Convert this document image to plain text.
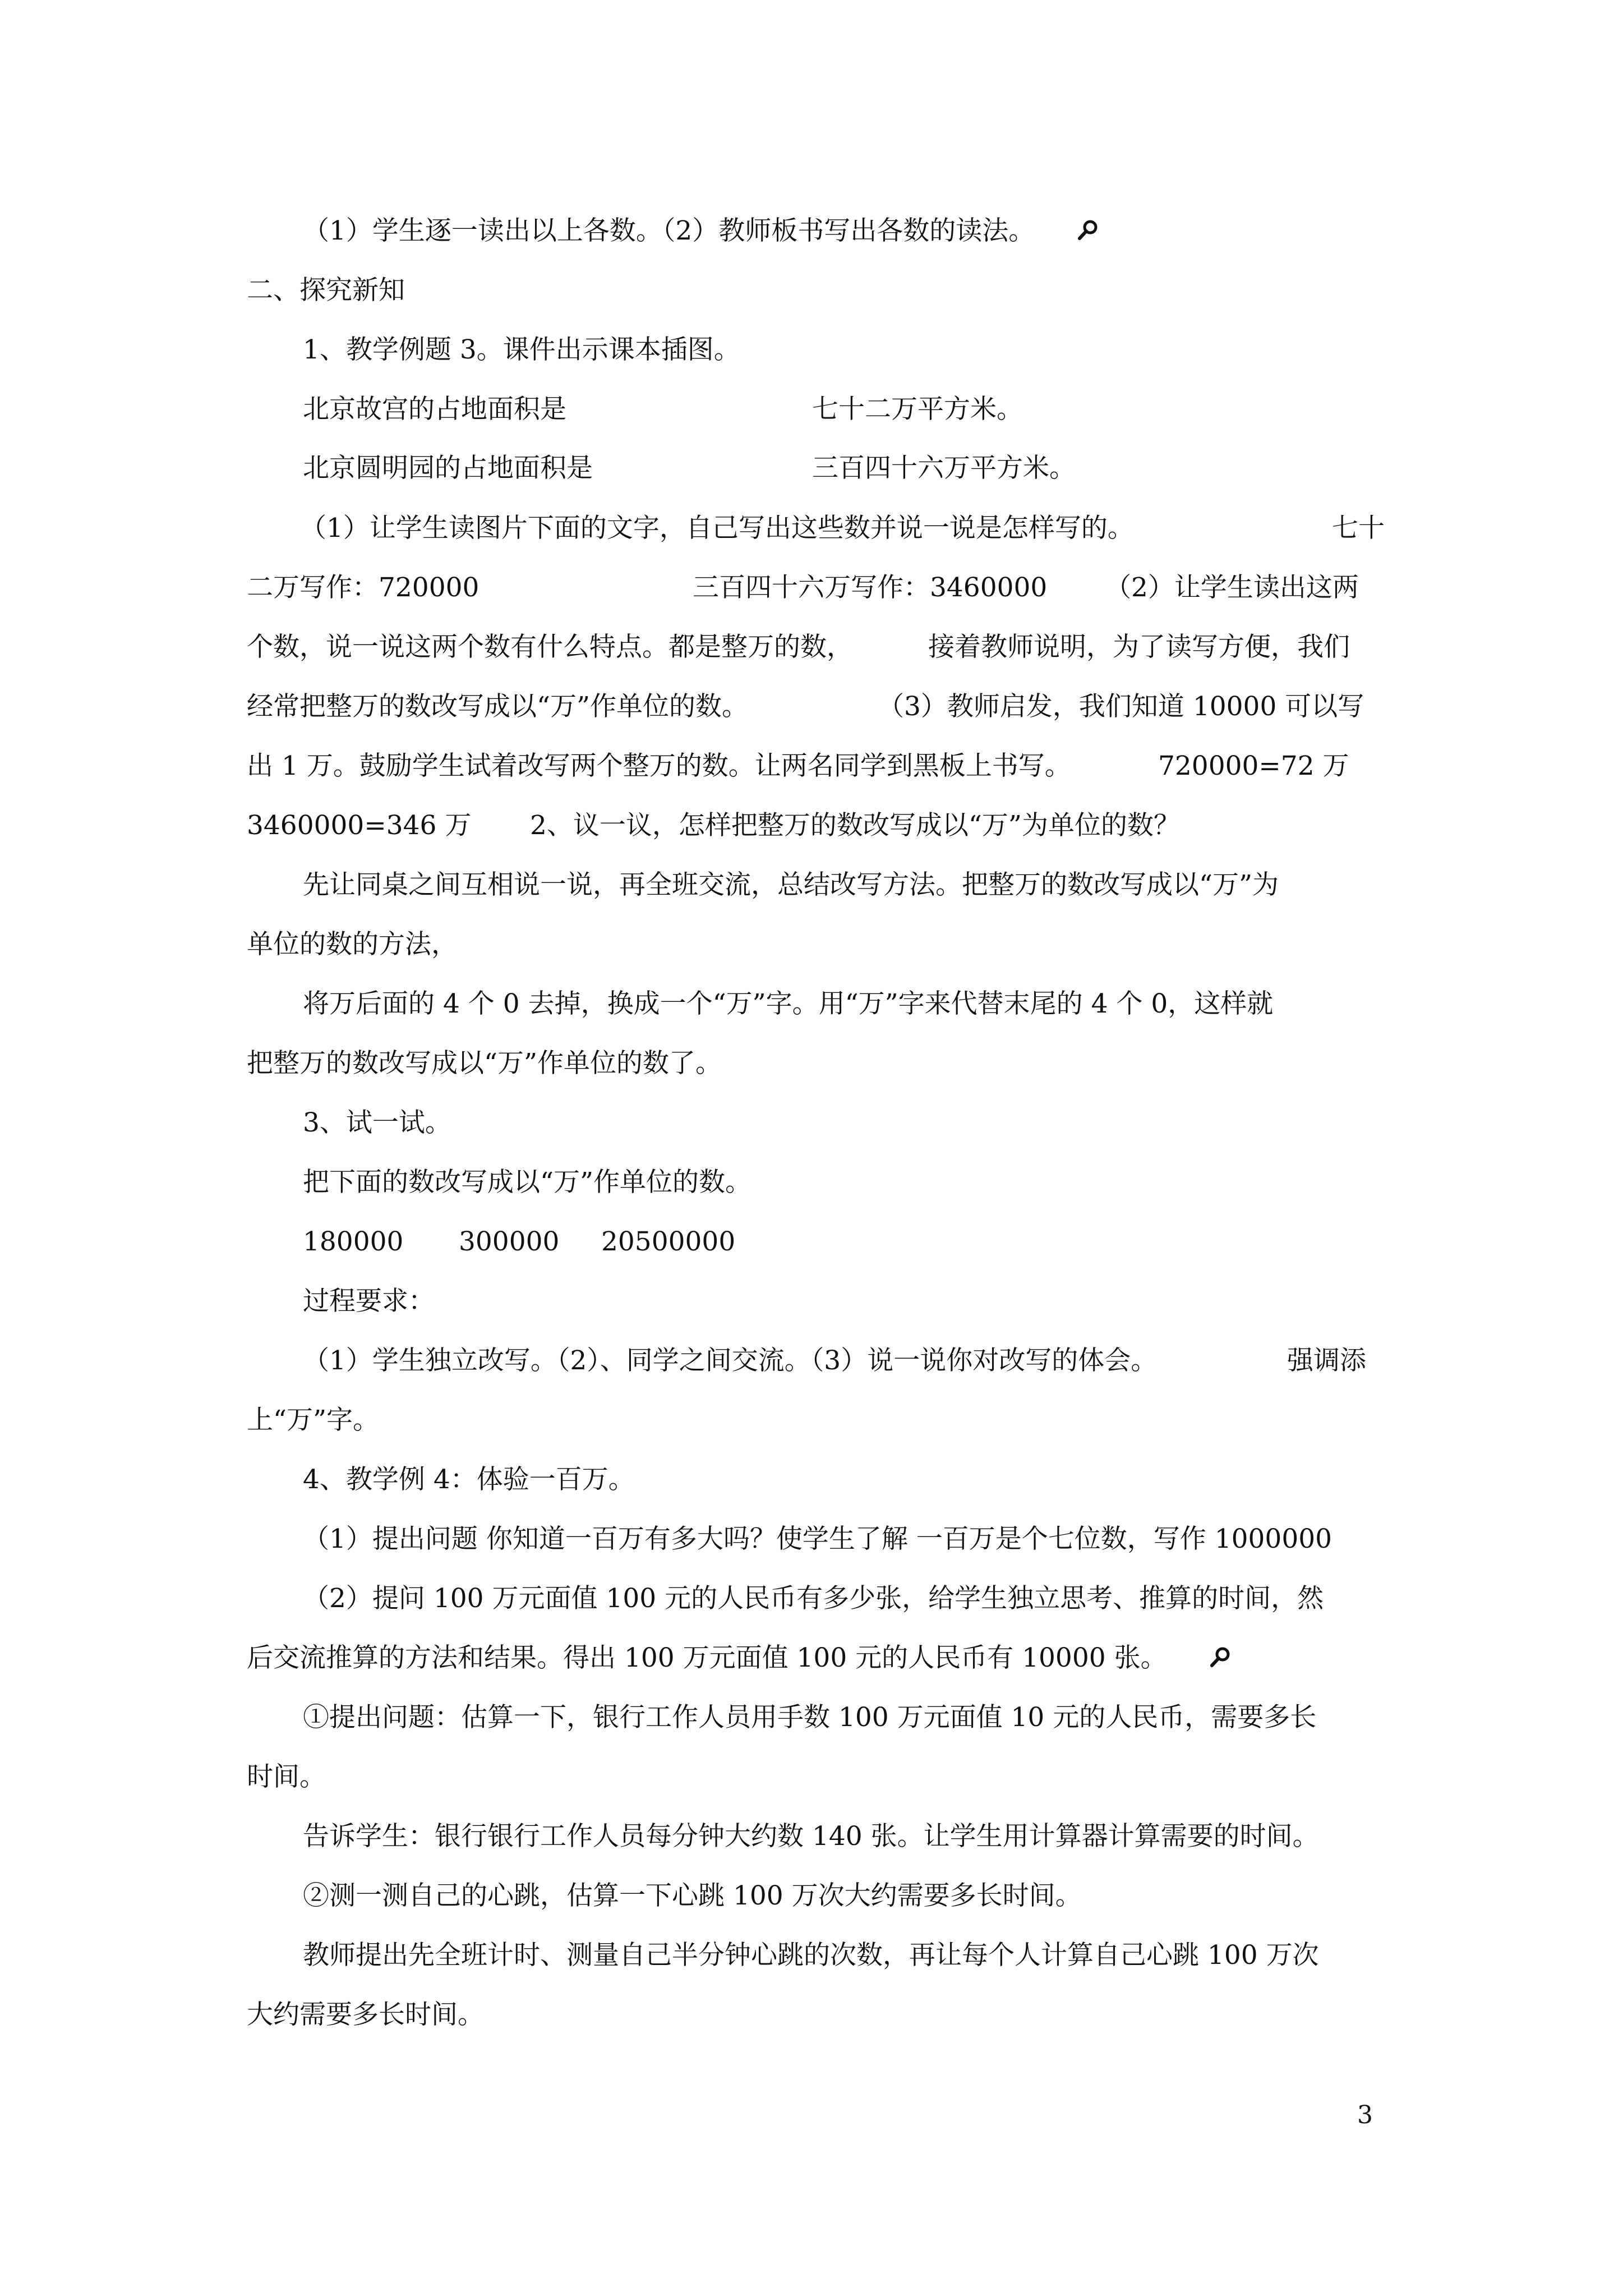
（1）学生逐一读出以上各数。（2）教师板书写出各数的读法。
二、探究新知
1、教学例题 3。课件出示课本插图。
北京故宫的占地面积是	七十二万平方米。
北京圆明园的占地面积是	三百四十六万平方米。
（1）让学生读图片下面的文字，自己写出这些数并说一说是怎样写的。	七十
二万写作：720000	三百四十六万写作：3460000 （2）让学生读出这两
个数，说一说这两个数有什么特点。都是整万的数，	接着教师说明，为了读写方便，我们
经常把整万的数改写成以“万”作单位的数。	（3）教师启发，我们知道 10000 可以写
出 1 万。鼓励学生试着改写两个整万的数。让两名同学到黑板上书写。	720000=72 万
3460000=346 万 2、议一议，怎样把整万的数改写成以“万”为单位的数？
先让同桌之间互相说一说，再全班交流，总结改写方法。把整万的数改写成以“万”为
单位的数的方法，
将万后面的 4 个 0 去掉，换成一个“万”字。用“万”字来代替末尾的 4 个 0，这样就
把整万的数改写成以“万”作单位的数了。
3、试一试。
把下面的数改写成以“万”作单位的数。
180000 300000 20500000
过程要求：
（1）学生独立改写。（2）、同学之间交流。（3）说一说你对改写的体会。	强调添
上“万”字。
4、教学例 4：体验一百万。
（1）提出问题 你知道一百万有多大吗？使学生了解 一百万是个七位数，写作 1000000
（2）提问 100 万元面值 100 元的人民币有多少张，给学生独立思考、推算的时间，然
后交流推算的方法和结果。得出 100 万元面值 100 元的人民币有 10000 张。
①提出问题：估算一下，银行工作人员用手数 100 万元面值 10 元的人民币，需要多长
时间。
告诉学生：银行银行工作人员每分钟大约数 140 张。让学生用计算器计算需要的时间。
②测一测自己的心跳，估算一下心跳 100 万次大约需要多长时间。
教师提出先全班计时、测量自己半分钟心跳的次数，再让每个人计算自己心跳 100 万次
大约需要多长时间。
3
